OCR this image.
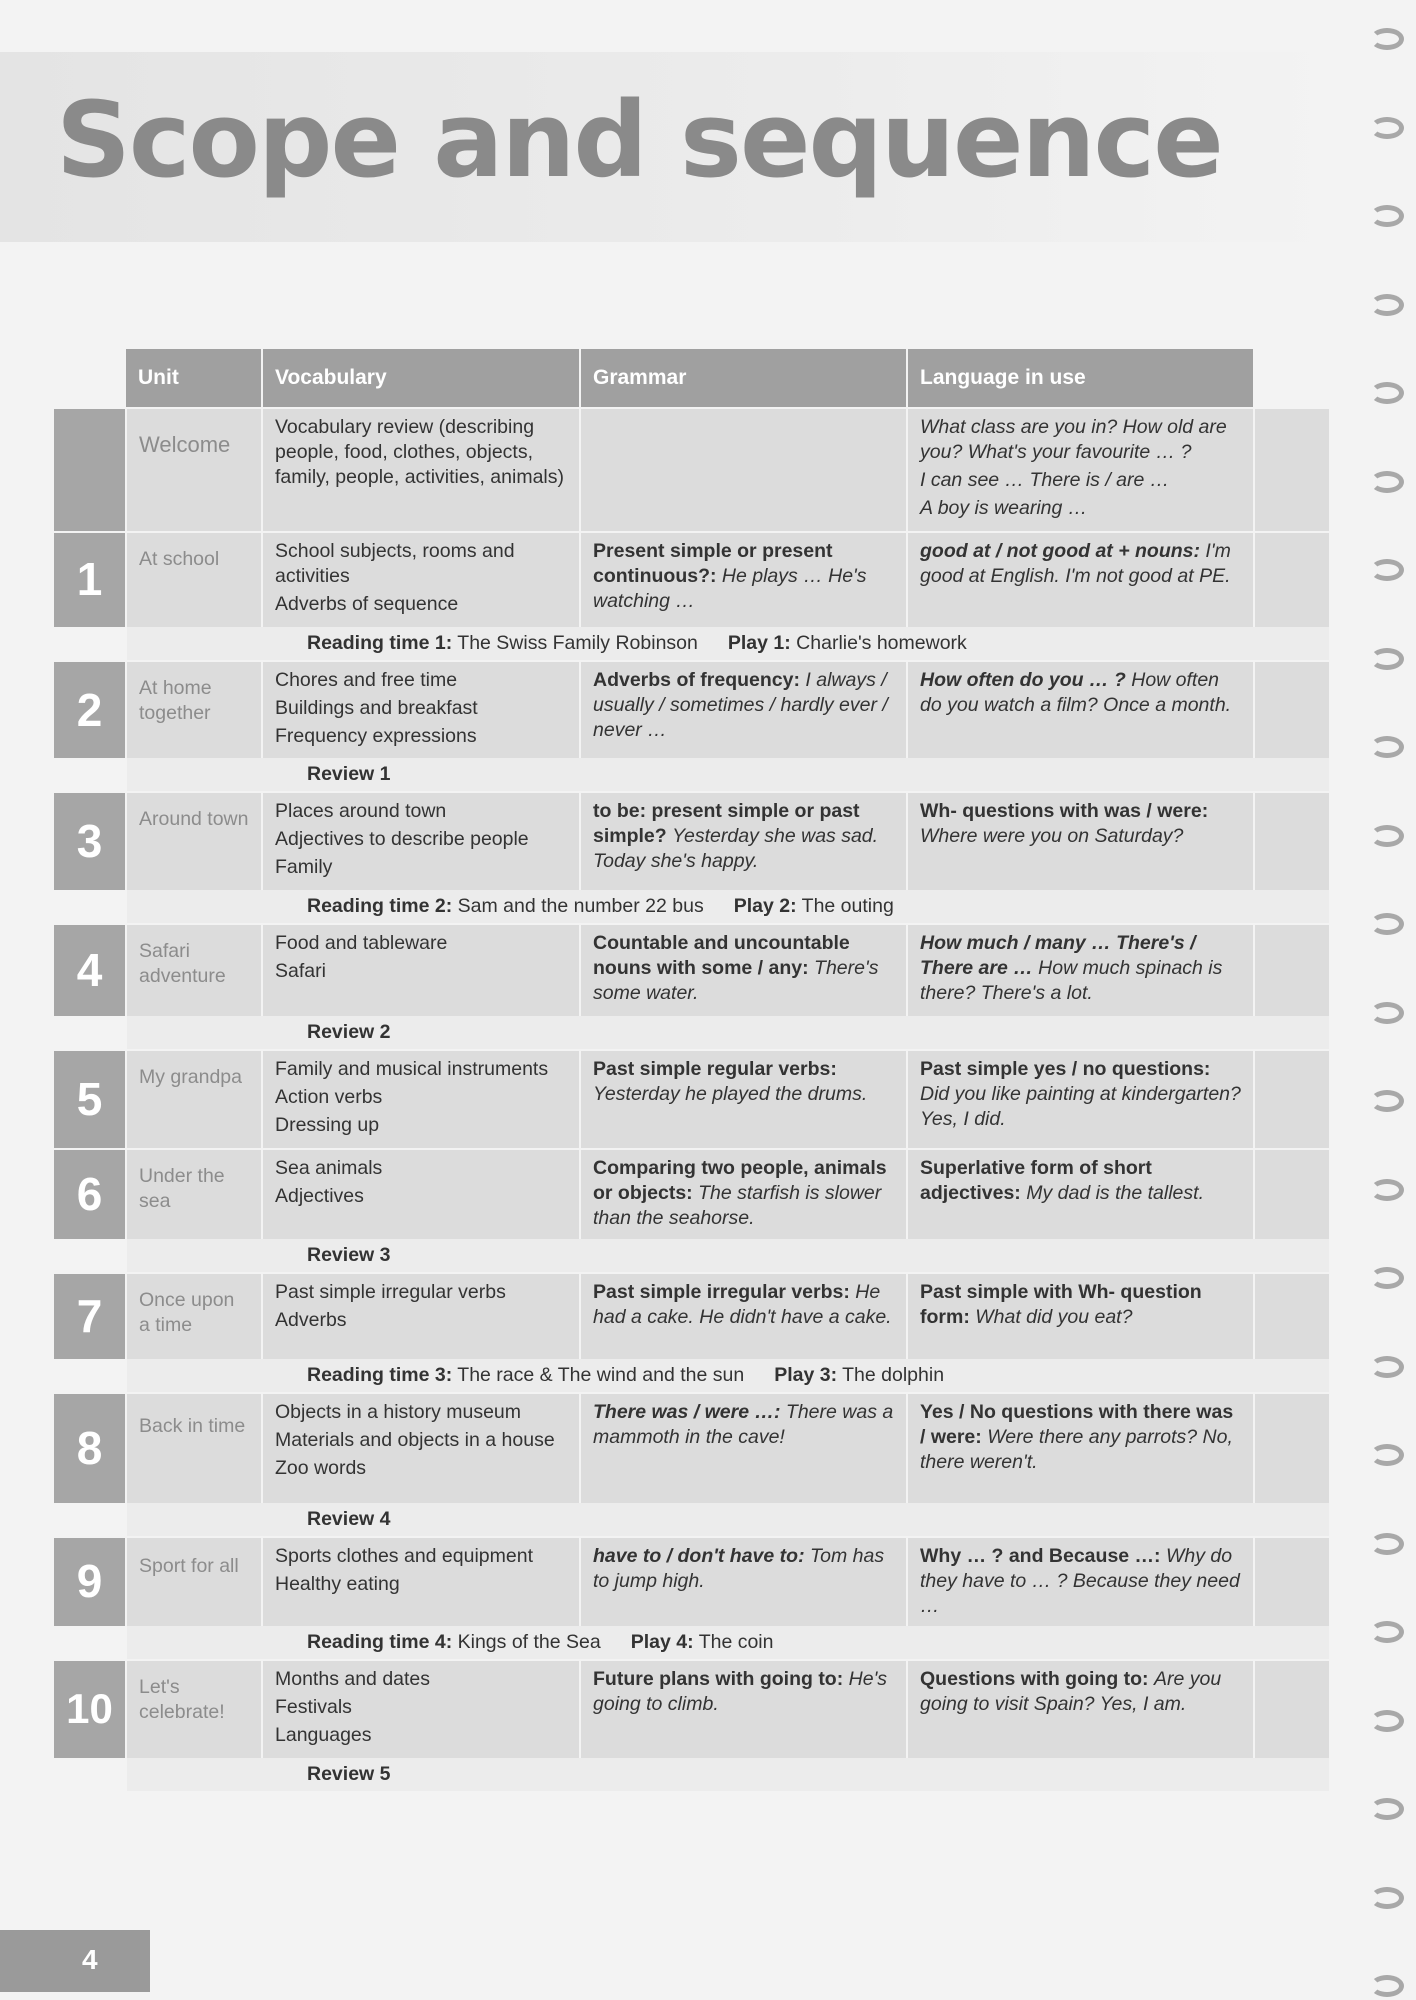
Scope and sequence
	Unit	Vocabulary	Grammar	Language in use	
	Welcome	Vocabulary review (describing people, food, clothes, objects, family, people, activities, animals)		What class are you in? How old are you? What's your favourite … ?
I can see … There is / are …
A boy is wearing …	

1	At school	School subjects, rooms and activities
Adverbs of sequence	Present simple or present continuous?: He plays … He's watching …	good at / not good at + nouns: I'm good at English. I'm not good at PE.	
	Reading time 1: The Swiss Family Robinson Play 1: Charlie's homework				
2	At home together	Chores and free time
Buildings and breakfast
Frequency expressions	Adverbs of frequency: I always / usually / sometimes / hardly ever / never …	How often do you … ? How often do you watch a film? Once a month.	
	Review 1				
3	Around town	Places around town
Adjectives to describe people
Family	to be: present simple or past simple? Yesterday she was sad. Today she's happy.	Wh- questions with was / were: Where were you on Saturday?	
	Reading time 2: Sam and the number 22 bus Play 2: The outing				
4	Safari adventure	Food and tableware
Safari	Countable and uncountable nouns with some / any: There's some water.	How much / many … There's / There are … How much spinach is there? There's a lot.	
	Review 2				
5	My grandpa	Family and musical instruments
Action verbs
Dressing up	Past simple regular verbs: Yesterday he played the drums.	Past simple yes / no questions: Did you like painting at kindergarten? Yes, I did.	
6	Under the sea	Sea animals
Adjectives	Comparing two people, animals or objects: The starfish is slower than the seahorse.	Superlative form of short adjectives: My dad is the tallest.	
	Review 3				
7	Once upon a time	Past simple irregular verbs
Adverbs	Past simple irregular verbs: He had a cake. He didn't have a cake.	Past simple with Wh- question form: What did you eat?	
	Reading time 3: The race & The wind and the sun Play 3: The dolphin				
8	Back in time	Objects in a history museum
Materials and objects in a house
Zoo words	There was / were …: There was a mammoth in the cave!	Yes / No questions with there was / were: Were there any parrots? No, there weren't.	
	Review 4				
9	Sport for all	Sports clothes and equipment
Healthy eating	have to / don't have to: Tom has to jump high.	Why … ? and Because …: Why do they have to … ? Because they need …	
	Reading time 4: Kings of the Sea Play 4: The coin				
10	Let's celebrate!	Months and dates
Festivals
Languages	Future plans with going to: He's going to climb.	Questions with going to: Are you going to visit Spain? Yes, I am.	
	Review 5				
4
